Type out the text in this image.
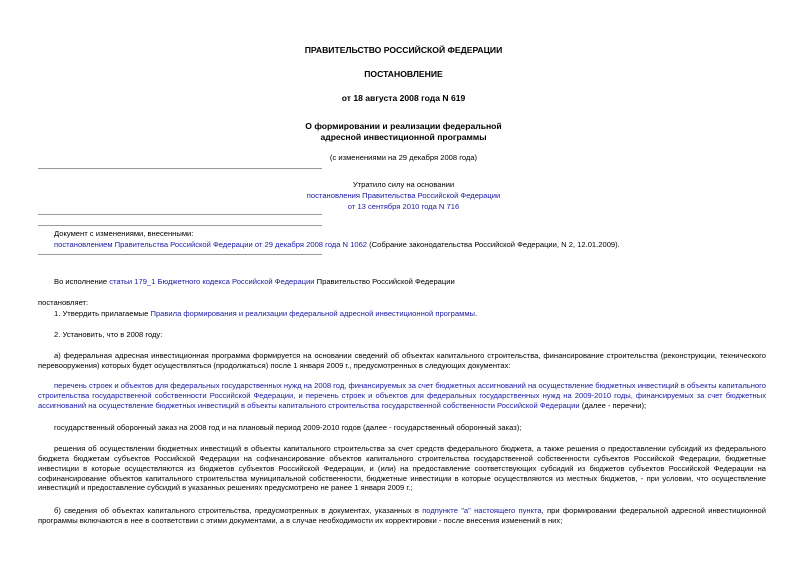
ПРАВИТЕЛЬСТВО РОССИЙСКОЙ ФЕДЕРАЦИИ
ПОСТАНОВЛЕНИЕ
от 18 августа 2008 года N 619
О формировании и реализации федеральной
адресной инвестиционной программы
(с изменениями на 29 декабря 2008 года)
Утратило силу на основании
постановления Правительства Российской Федерации
от 13 сентября 2010 года N 716
Документ с изменениями, внесенными:
постановлением Правительства Российской Федерации от 29 декабря 2008 года N 1062 (Собрание законодательства Российской Федерации, N 2, 12.01.2009).
Во исполнение статьи 179_1 Бюджетного кодекса Российской Федерации Правительство Российской Федерации
постановляет:
1. Утвердить прилагаемые Правила формирования и реализации федеральной адресной инвестиционной программы.
2. Установить, что в 2008 году:
а) федеральная адресная инвестиционная программа формируется на основании сведений об объектах капитального строительства, финансирование строительства (реконструкции, технического перевооружения) которых будет осуществляться (продолжаться) после 1 января 2009 г., предусмотренных в следующих документах:
перечень строек и объектов для федеральных государственных нужд на 2008 год, финансируемых за счет бюджетных ассигнований на осуществление бюджетных инвестиций в объекты капитального строительства государственной собственности Российской Федерации, и перечень строек и объектов для федеральных государственных нужд на 2009-2010 годы, финансируемых за счет бюджетных ассигнований на осуществление бюджетных инвестиций в объекты капитального строительства государственной собственности Российской Федерации (далее - перечни);
государственный оборонный заказ на 2008 год и на плановый период 2009-2010 годов (далее - государственный оборонный заказ);
решения об осуществлении бюджетных инвестиций в объекты капитального строительства за счет средств федерального бюджета, а также решения о предоставлении субсидий из федерального бюджета бюджетам субъектов Российской Федерации на софинансирование объектов капитального строительства государственной собственности субъектов Российской Федерации, бюджетные инвестиции в которые осуществляются из бюджетов субъектов Российской Федерации, и (или) на предоставление соответствующих субсидий из бюджетов субъектов Российской Федерации на софинансирование объектов капитального строительства муниципальной собственности, бюджетные инвестиции в которые осуществляются из местных бюджетов, - при условии, что осуществление инвестиций и предоставление субсидий в указанных решениях предусмотрено не ранее 1 января 2009 г.;
б) сведения об объектах капитального строительства, предусмотренных в документах, указанных в подпункте "а" настоящего пункта, при формировании федеральной адресной инвестиционной программы включаются в нее в соответствии с этими документами, а в случае необходимости их корректировки - после внесения изменений в них;
